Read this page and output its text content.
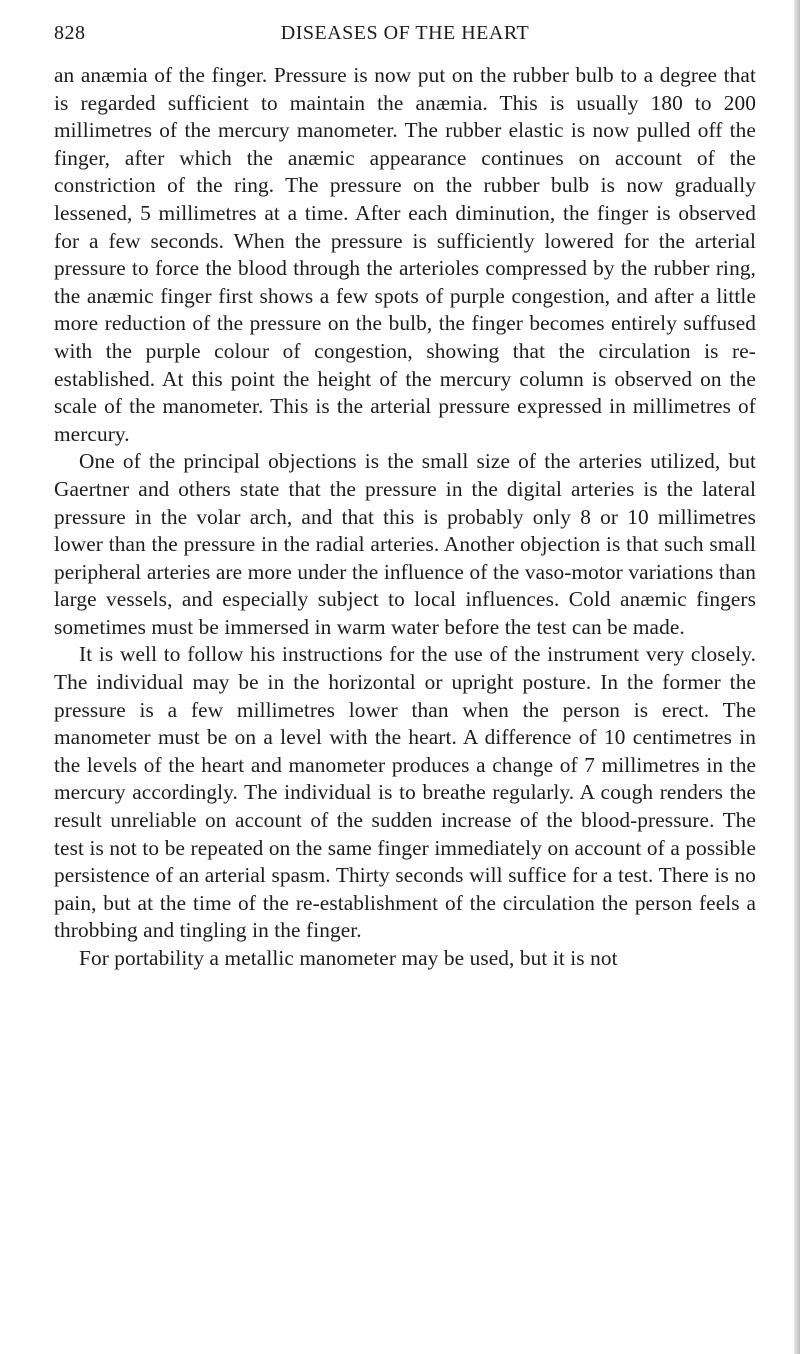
828	DISEASES OF THE HEART

an anæmia of the finger. Pressure is now put on the rubber bulb to a degree that is regarded sufficient to maintain the anæmia. This is usually 180 to 200 millimetres of the mercury manometer. The rubber elastic is now pulled off the finger, after which the anæmic appearance continues on account of the constriction of the ring. The pressure on the rubber bulb is now gradually lessened, 5 millimetres at a time. After each diminution, the finger is observed for a few seconds. When the pressure is sufficiently lowered for the arterial pressure to force the blood through the arterioles compressed by the rubber ring, the anæmic finger first shows a few spots of purple congestion, and after a little more reduction of the pressure on the bulb, the finger becomes entirely suffused with the purple colour of congestion, showing that the circulation is re-established. At this point the height of the mercury column is observed on the scale of the manometer. This is the arterial pressure expressed in millimetres of mercury.

One of the principal objections is the small size of the arteries utilized, but Gaertner and others state that the pressure in the digital arteries is the lateral pressure in the volar arch, and that this is probably only 8 or 10 millimetres lower than the pressure in the radial arteries. Another objection is that such small peripheral arteries are more under the influence of the vaso-motor variations than large vessels, and especially subject to local influences. Cold anæmic fingers sometimes must be immersed in warm water before the test can be made.

It is well to follow his instructions for the use of the instrument very closely. The individual may be in the horizontal or upright posture. In the former the pressure is a few millimetres lower than when the person is erect. The manometer must be on a level with the heart. A difference of 10 centimetres in the levels of the heart and manometer produces a change of 7 millimetres in the mercury accordingly. The individual is to breathe regularly. A cough renders the result unreliable on account of the sudden increase of the blood-pressure. The test is not to be repeated on the same finger immediately on account of a possible persistence of an arterial spasm. Thirty seconds will suffice for a test. There is no pain, but at the time of the re-establishment of the circulation the person feels a throbbing and tingling in the finger.

For portability a metallic manometer may be used, but it is not
